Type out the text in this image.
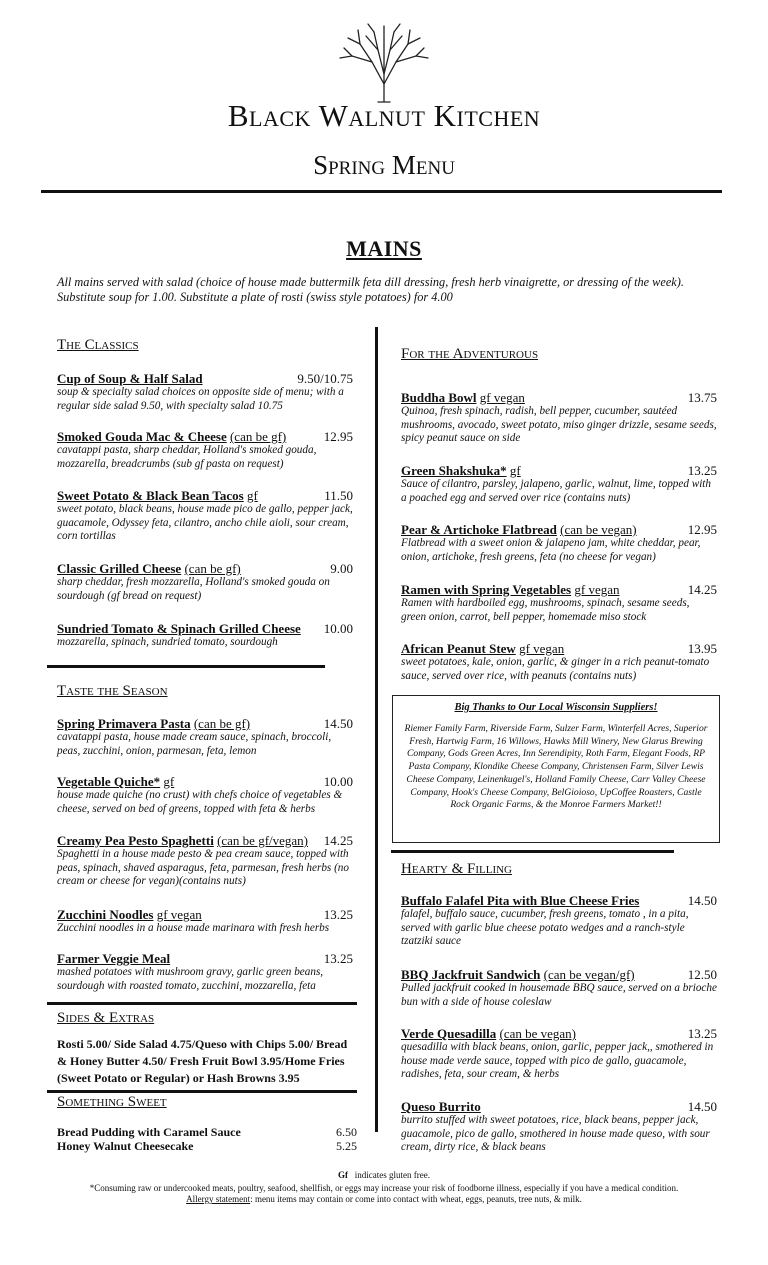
Black Walnut Kitchen
Spring Menu
MAINS
All mains served with salad (choice of house made buttermilk feta dill dressing, fresh herb vinaigrette, or dressing of the week).
Substitute soup for 1.00. Substitute a plate of rosti (swiss style potatoes) for 4.00
The Classics
Cup of Soup & Half Salad	9.50/10.75
soup & specialty salad choices on opposite side of menu; with a regular side salad 9.50, with specialty salad 10.75
Smoked Gouda Mac & Cheese (can be gf)	12.95
cavatappi pasta, sharp cheddar, Holland's smoked gouda, mozzarella, breadcrumbs (sub gf pasta on request)
Sweet Potato & Black Bean Tacos gf	11.50
sweet potato, black beans, house made pico de gallo, pepper jack, guacamole, Odyssey feta, cilantro, ancho chile aioli, sour cream, corn tortillas
Classic Grilled Cheese (can be gf)	9.00
sharp cheddar, fresh mozzarella, Holland's smoked gouda on sourdough (gf bread on request)
Sundried Tomato & Spinach Grilled Cheese 10.00
mozzarella, spinach, sundried tomato, sourdough
Taste the Season
Spring Primavera Pasta (can be gf)	14.50
cavatappi pasta, house made cream sauce, spinach, broccoli, peas, zucchini, onion, parmesan, feta, lemon
Vegetable Quiche* gf	10.00
house made quiche (no crust) with chefs choice of vegetables & cheese, served on bed of greens, topped with feta & herbs
Creamy Pea Pesto Spaghetti (can be gf/vegan) 14.25
Spaghetti in a house made pesto & pea cream sauce, topped with peas, spinach, shaved asparagus, feta, parmesan, fresh herbs (no cream or cheese for vegan)(contains nuts)
Zucchini Noodles gf vegan	13.25
Zucchini noodles in a house made marinara with fresh herbs
Farmer Veggie Meal	13.25
mashed potatoes with mushroom gravy, garlic green beans, sourdough with roasted tomato, zucchini, mozzarella, feta
Sides & Extras
Rosti 5.00/ Side Salad 4.75/Queso with Chips 5.00/ Bread & Honey Butter 4.50/ Fresh Fruit Bowl 3.95/Home Fries (Sweet Potato or Regular) or Hash Browns 3.95
Something Sweet
Bread Pudding with Caramel Sauce	6.50
Honey Walnut Cheesecake	5.25
For the Adventurous
Buddha Bowl gf vegan	13.75
Quinoa, fresh spinach, radish, bell pepper, cucumber, sautéed mushrooms, avocado, sweet potato, miso ginger drizzle, sesame seeds, spicy peanut sauce on side
Green Shakshuka* gf	13.25
Sauce of cilantro, parsley, jalapeno, garlic, walnut, lime, topped with a poached egg and served over rice (contains nuts)
Pear & Artichoke Flatbread (can be vegan)	12.95
Flatbread with a sweet onion & jalapeno jam, white cheddar, pear, onion, artichoke, fresh greens, feta (no cheese for vegan)
Ramen with Spring Vegetables gf vegan	14.25
Ramen with hardboiled egg, mushrooms, spinach, sesame seeds, green onion, carrot, bell pepper, homemade miso stock
African Peanut Stew gf vegan	13.95
sweet potatoes, kale, onion, garlic, & ginger in a rich peanut-tomato sauce, served over rice, with peanuts (contains nuts)
Big Thanks to Our Local Wisconsin Suppliers!
Riemer Family Farm, Riverside Farm, Sulzer Farm, Winterfell Acres, Superior Fresh, Hartwig Farm, 16 Willows, Hawks Mill Winery, New Glarus Brewing Company, Gods Green Acres, Inn Serendipity, Roth Farm, Elegant Foods, RP Pasta Company, Klondike Cheese Company, Christensen Farm, Silver Lewis Cheese Company, Leinenkugel's, Holland Family Cheese, Carr Valley Cheese Company, Hook's Cheese Company, BelGioioso, UpCoffee Roasters, Castle Rock Organic Farms, & the Monroe Farmers Market!!
Hearty & Filling
Buffalo Falafel Pita with Blue Cheese Fries	14.50
falafel, buffalo sauce, cucumber, fresh greens, tomato , in a pita, served with garlic blue cheese potato wedges and a ranch-style tzatziki sauce
BBQ Jackfruit Sandwich (can be vegan/gf)	12.50
Pulled jackfruit cooked in housemade BBQ sauce, served on a brioche bun with a side of house coleslaw
Verde Quesadilla (can be vegan)	13.25
quesadilla with black beans, onion, garlic, pepper jack,, smothered in house made verde sauce, topped with pico de gallo, guacamole, radishes, feta, sour cream, & herbs
Queso Burrito	14.50
burrito stuffed with sweet potatoes, rice, black beans, pepper jack, guacamole, pico de gallo, smothered in house made queso, with sour cream, dirty rice, & black beans
Gf indicates gluten free.
*Consuming raw or undercooked meats, poultry, seafood, shellfish, or eggs may increase your risk of foodborne illness, especially if you have a medical condition.
Allergy statement: menu items may contain or come into contact with wheat, eggs, peanuts, tree nuts, & milk.
